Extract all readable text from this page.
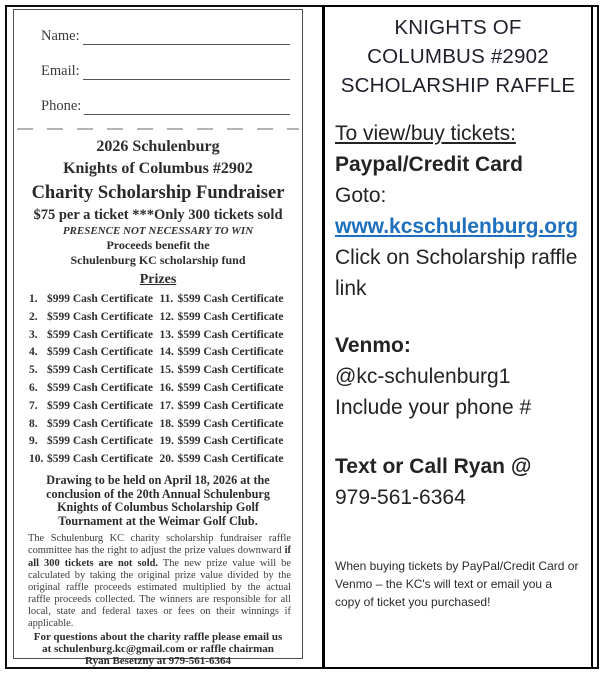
Name:
Email:
Phone:
2026 Schulenburg
Knights of Columbus #2902
Charity Scholarship Fundraiser
$75 per a ticket ***Only 300 tickets sold
PRESENCE NOT NECESSARY TO WIN
Proceeds benefit the
Schulenburg KC scholarship fund
Prizes
1. $999 Cash Certificate
2. $599 Cash Certificate
3. $599 Cash Certificate
4. $599 Cash Certificate
5. $599 Cash Certificate
6. $599 Cash Certificate
7. $599 Cash Certificate
8. $599 Cash Certificate
9. $599 Cash Certificate
10. $599 Cash Certificate
11. $599 Cash Certificate
12. $599 Cash Certificate
13. $599 Cash Certificate
14. $599 Cash Certificate
15. $599 Cash Certificate
16. $599 Cash Certificate
17. $599 Cash Certificate
18. $599 Cash Certificate
19. $599 Cash Certificate
20. $599 Cash Certificate
Drawing to be held on April 18, 2026 at the conclusion of the 20th Annual Schulenburg Knights of Columbus Scholarship Golf Tournament at the Weimar Golf Club.
The Schulenburg KC charity scholarship fundraiser raffle committee has the right to adjust the prize values downward if all 300 tickets are not sold. The new prize value will be calculated by taking the original prize value divided by the original raffle proceeds estimated multiplied by the actual raffle proceeds collected. The winners are responsible for all local, state and federal taxes or fees on their winnings if applicable.
For questions about the charity raffle please email us at schulenburg.kc@gmail.com or raffle chairman Ryan Besetzny at 979-561-6364
KNIGHTS OF COLUMBUS #2902 SCHOLARSHIP RAFFLE
To view/buy tickets:
Paypal/Credit Card
Goto:
www.kcschulenburg.org
Click on Scholarship raffle link
Venmo:
@kc-schulenburg1
Include your phone #
Text or Call Ryan @
979-561-6364
When buying tickets by PayPal/Credit Card or Venmo – the KC's will text or email you a copy of ticket you purchased!
